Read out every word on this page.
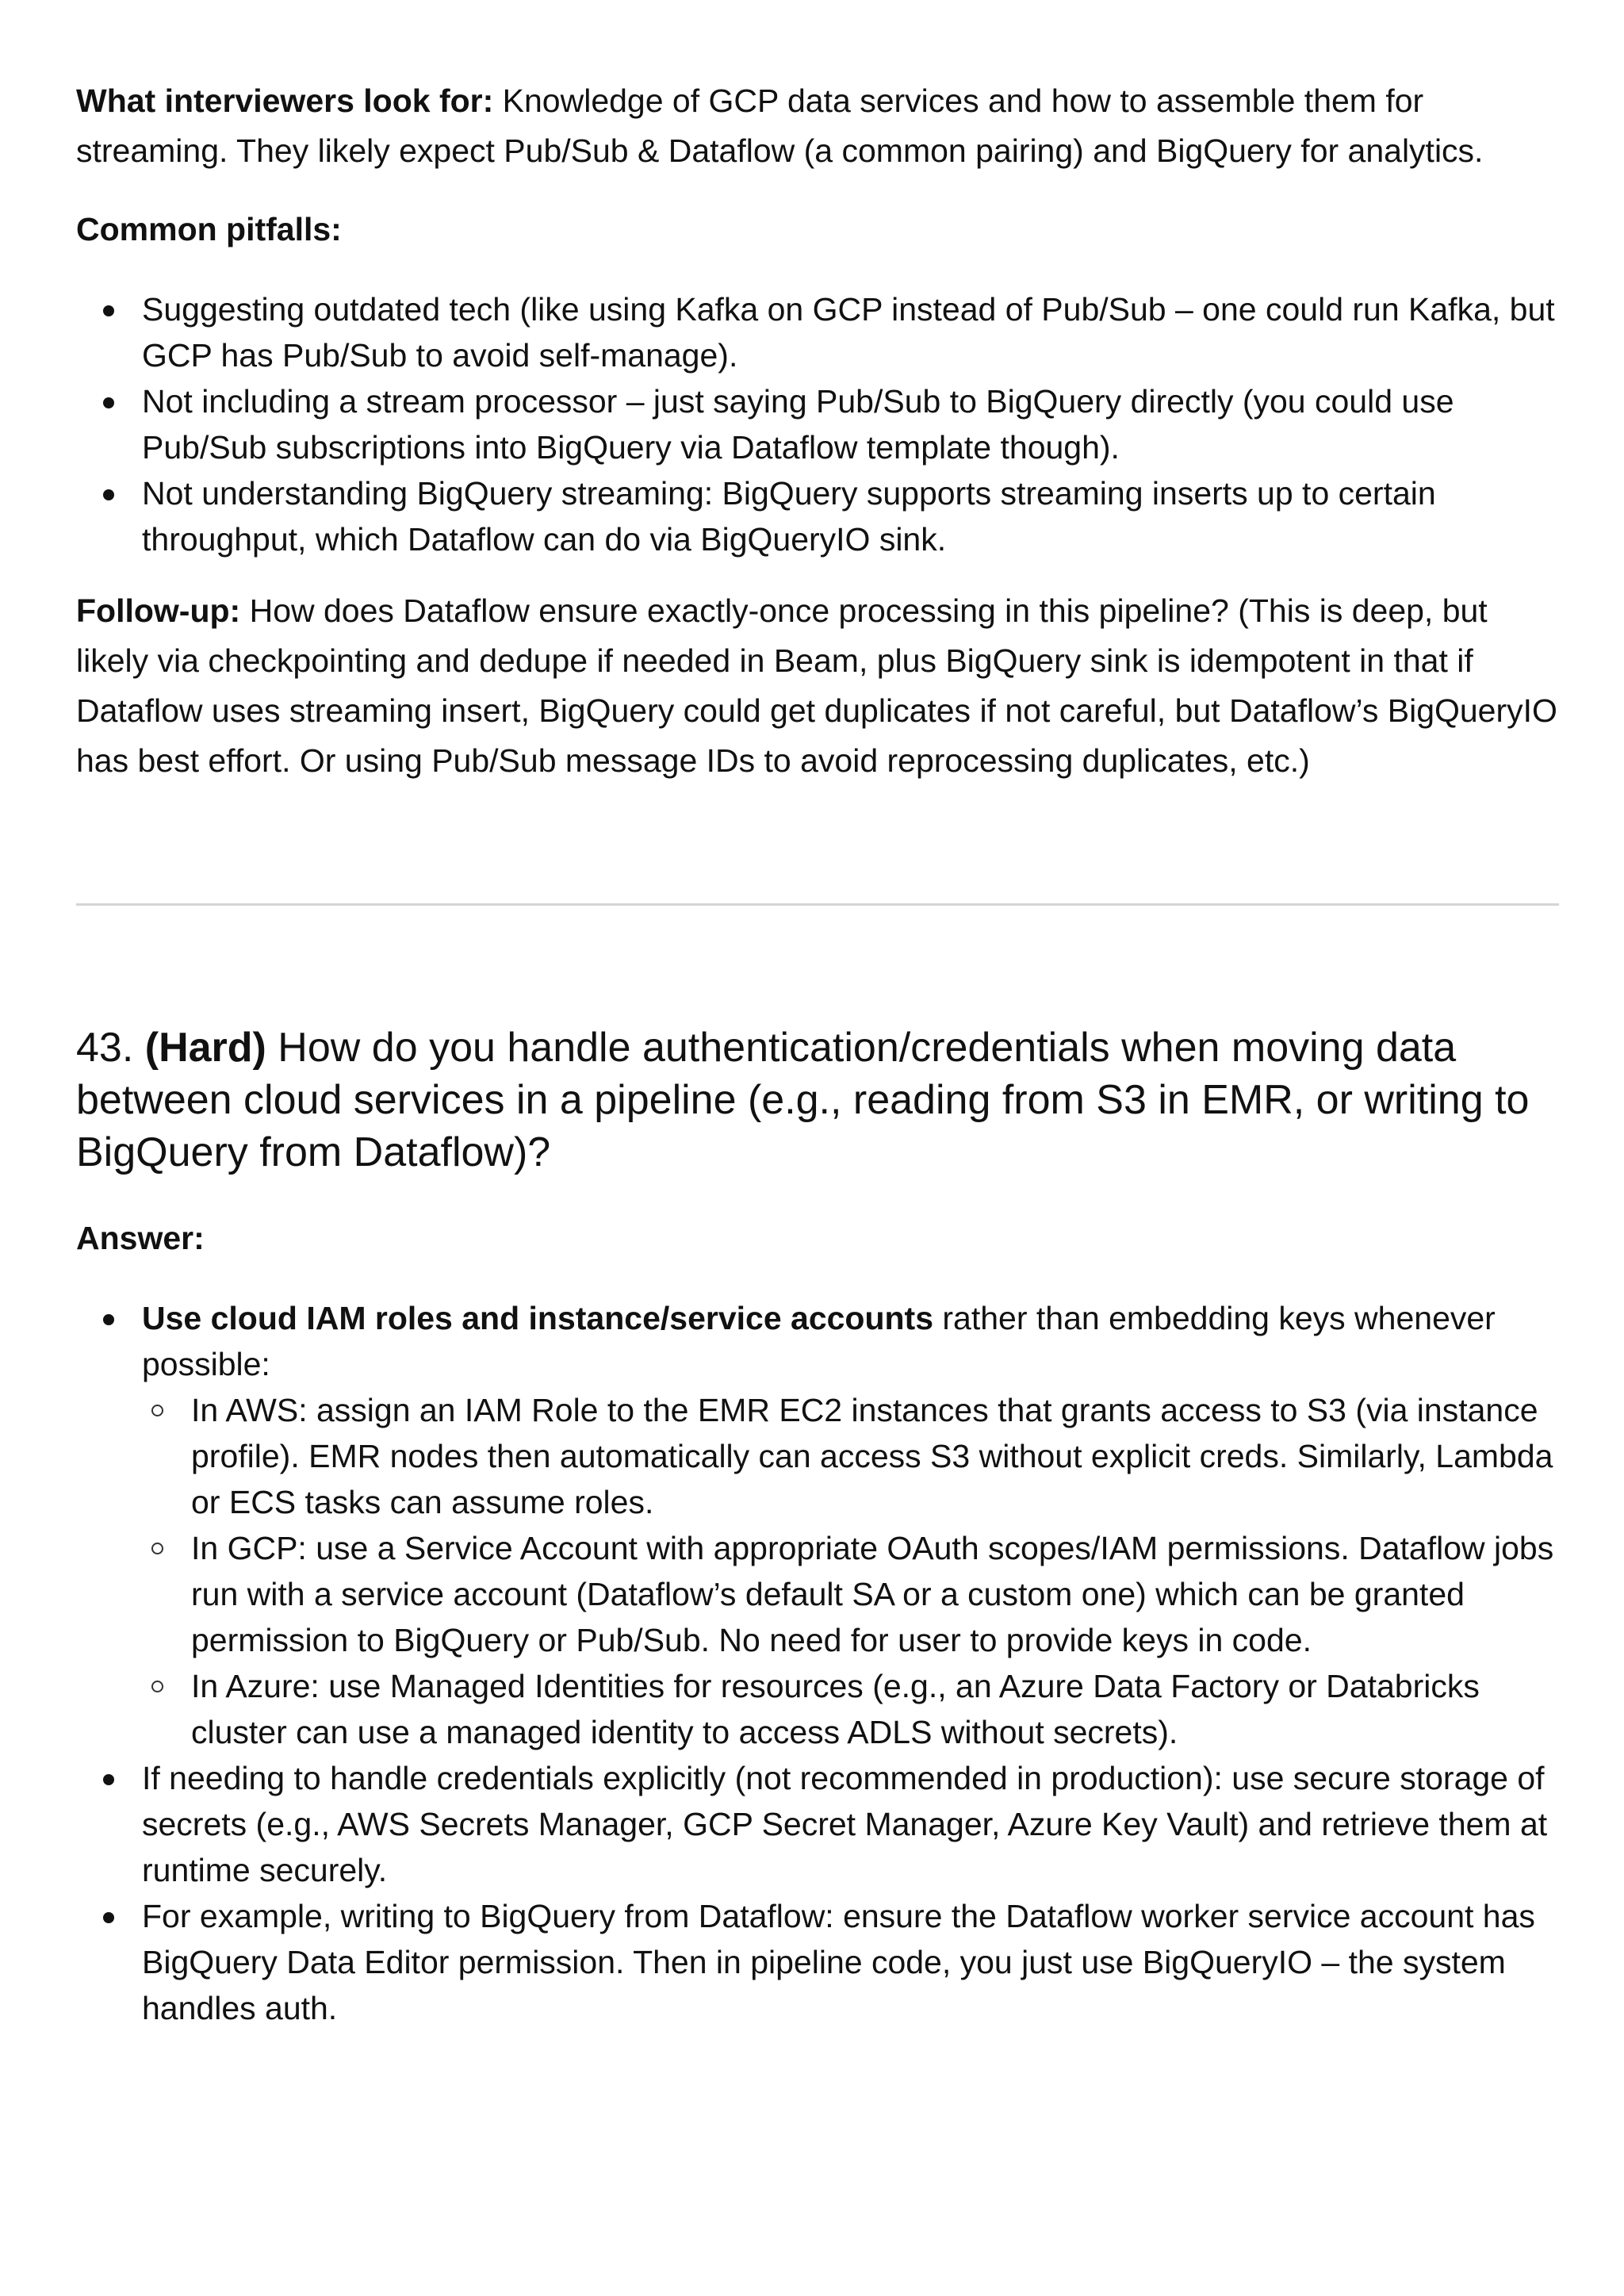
What interviewers look for: Knowledge of GCP data services and how to assemble them for streaming. They likely expect Pub/Sub & Dataflow (a common pairing) and BigQuery for analytics.

Common pitfalls:

Suggesting outdated tech (like using Kafka on GCP instead of Pub/Sub – one could run Kafka, but GCP has Pub/Sub to avoid self-manage).
Not including a stream processor – just saying Pub/Sub to BigQuery directly (you could use Pub/Sub subscriptions into BigQuery via Dataflow template though).
Not understanding BigQuery streaming: BigQuery supports streaming inserts up to certain throughput, which Dataflow can do via BigQueryIO sink.

Follow-up: How does Dataflow ensure exactly-once processing in this pipeline? (This is deep, but likely via checkpointing and dedupe if needed in Beam, plus BigQuery sink is idempotent in that if Dataflow uses streaming insert, BigQuery could get duplicates if not careful, but Dataflow’s BigQueryIO has best effort. Or using Pub/Sub message IDs to avoid reprocessing duplicates, etc.)

43. (Hard) How do you handle authentication/credentials when moving data between cloud services in a pipeline (e.g., reading from S3 in EMR, or writing to BigQuery from Dataflow)?

Answer:

Use cloud IAM roles and instance/service accounts rather than embedding keys whenever possible:
In AWS: assign an IAM Role to the EMR EC2 instances that grants access to S3 (via instance profile). EMR nodes then automatically can access S3 without explicit creds. Similarly, Lambda or ECS tasks can assume roles.
In GCP: use a Service Account with appropriate OAuth scopes/IAM permissions. Dataflow jobs run with a service account (Dataflow’s default SA or a custom one) which can be granted permission to BigQuery or Pub/Sub. No need for user to provide keys in code.
In Azure: use Managed Identities for resources (e.g., an Azure Data Factory or Databricks cluster can use a managed identity to access ADLS without secrets).
If needing to handle credentials explicitly (not recommended in production): use secure storage of secrets (e.g., AWS Secrets Manager, GCP Secret Manager, Azure Key Vault) and retrieve them at runtime securely.
For example, writing to BigQuery from Dataflow: ensure the Dataflow worker service account has BigQuery Data Editor permission. Then in pipeline code, you just use BigQueryIO – the system handles auth.
